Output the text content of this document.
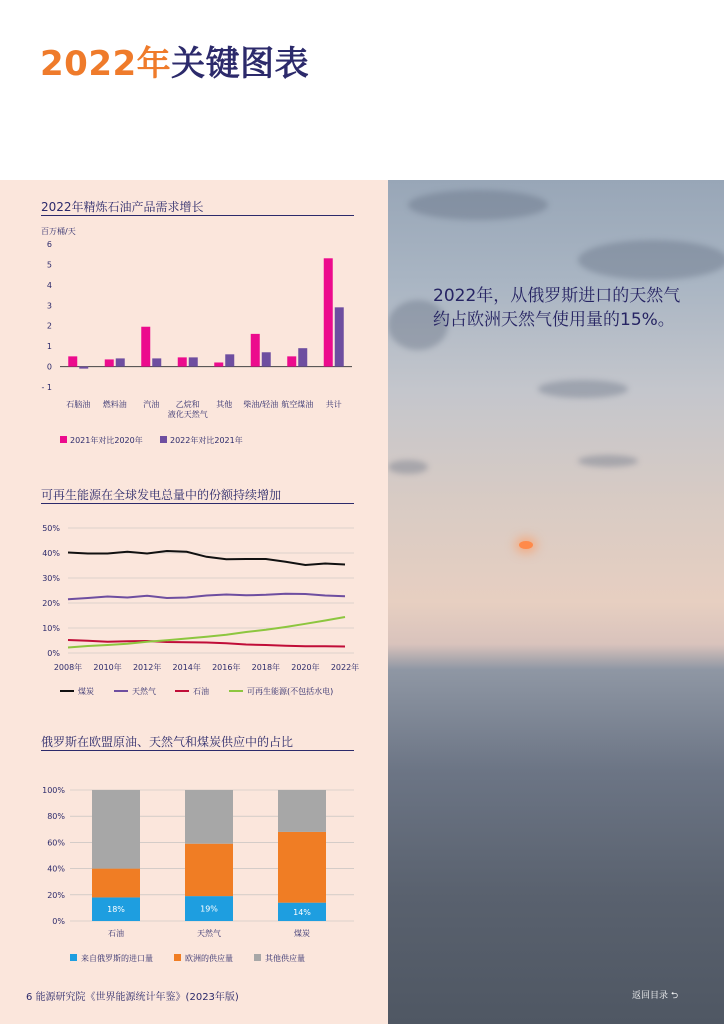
2022年关键图表
2022年精炼石油产品需求增长
百万桶/天
6
5
4
3
2
1
0
- 1
石脑油 燃料油 汽油 乙烷和
液化天然气
其他 柴油/轻油 航空煤油 共计
2021年对比2020年	2022年对比2021年
可再生能源在全球发电总量中的份额持续增加
50%
40%
30%
20%
10%
0%
2008年 2010年 2012年 2014年 2016年 2018年 2020年 2022年
煤炭	天然气	石油	可再生能源(不包括水电)
俄罗斯在欧盟原油、天然气和煤炭供应中的占比
100%
80%
60%
40%
20%
0%
18%
石油
19%
天然气
14%
煤炭
来自俄罗斯的进口量	欧洲的供应量	其他供应量
2022年，从俄罗斯进口的天然气约占欧洲天然气使用量的15%。
返回目录 ⮌
6 能源研究院《世界能源统计年鉴》(2023年版)
